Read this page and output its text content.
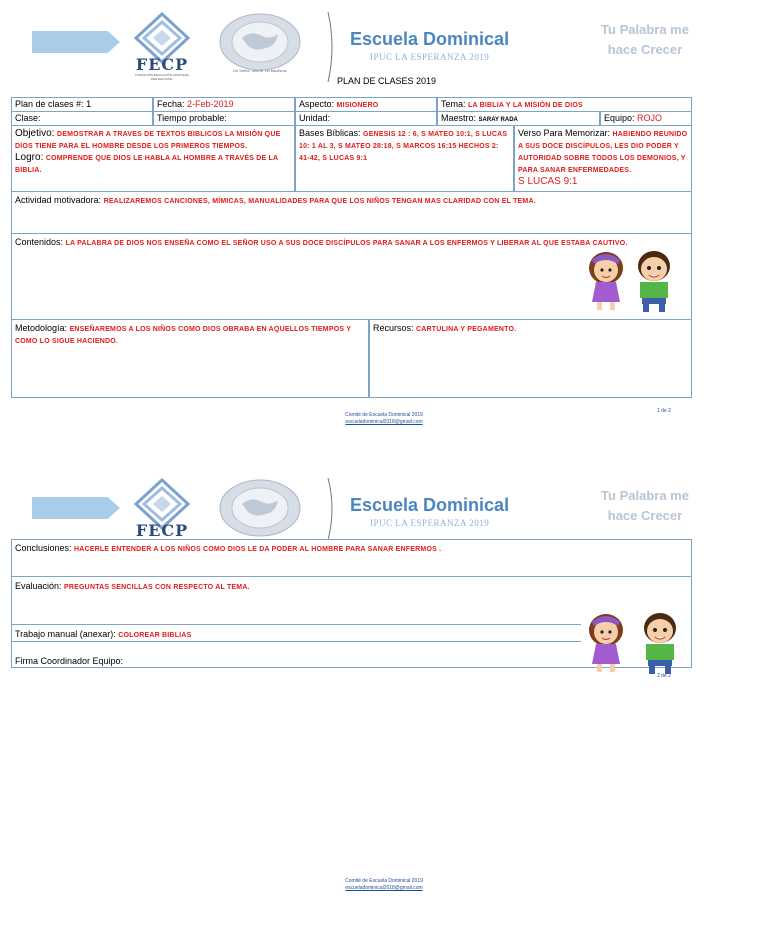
FECP
FUNDACIÓN EDUCACIÓN CRISTIANA PENTECOSTAL
Un Señor, una fe, un bautismo
Escuela Dominical
IPUC LA ESPERANZA 2019
Tu Palabra me
hace Crecer
PLAN DE CLASES 2019
Plan de clases #: 1	Fecha: 2-Feb-2019	Aspecto: MISIONERO	Tema: LA BIBLIA Y LA MISIÓN DE DIOS
Clase:	Tiempo probable:	Unidad:	Maestro: SARAY RADA	Equipo: ROJO
Objetivo: DEMOSTRAR A TRAVES DE TEXTOS BIBLICOS LA MISIÓN QUE DIOS TIENE PARA EL HOMBRE DESDE LOS PRIMEROS TIEMPOS.
Logro: COMPRENDE QUE DIOS LE HABLA AL HOMBRE A TRAVÉS DE LA BIBLIA.
Bases Bíblicas: GENESIS 12 : 6, S MATEO 10:1, S LUCAS 10: 1 AL 3, S MATEO 28:18, S MARCOS 16:15 HECHOS 2: 41-42, S LUCAS 9:1
Verso Para Memorizar: HABIENDO REUNIDO A SUS DOCE DISCÍPULOS, LES DIO PODER Y AUTORIDAD SOBRE TODOS LOS DEMONIOS, Y PARA SANAR ENFERMEDADES.
S LUCAS 9:1
Actividad motivadora: REALIZAREMOS CANCIONES, MÍMICAS, MANUALIDADES PARA QUE LOS NIÑOS TENGAN MAS CLARIDAD CON EL TEMA.
Contenidos: LA PALABRA DE DIOS NOS ENSEÑA COMO EL SEÑOR USO A SUS DOCE DISCÍPULOS PARA SANAR A LOS ENFERMOS Y LIBERAR AL QUE ESTABA CAUTIVO.
Metodología: ENSEÑAREMOS A LOS NIÑOS COMO DIOS OBRABA EN AQUELLOS TIEMPOS Y COMO LO SIGUE HACIENDO.
Recursos: CARTULINA Y PEGAMENTO.
Comité de Escuela Dominical 2019
escueladominical2018@gmail.com
1 de 2
FECP
Escuela Dominical
IPUC LA ESPERANZA 2019
Tu Palabra me
hace Crecer
Conclusiones: HACERLE ENTENDER A LOS NIÑOS COMO DIOS LE DA PODER AL HOMBRE PARA SANAR ENFERMOS .
Evaluación: PREGUNTAS SENCILLAS CON RESPECTO AL TEMA.
Trabajo manual (anexar): COLOREAR BIBLIAS
Firma Coordinador Equipo:
2 de 2
Comité de Escuela Dominical 2019
escueladominical2018@gmail.com
